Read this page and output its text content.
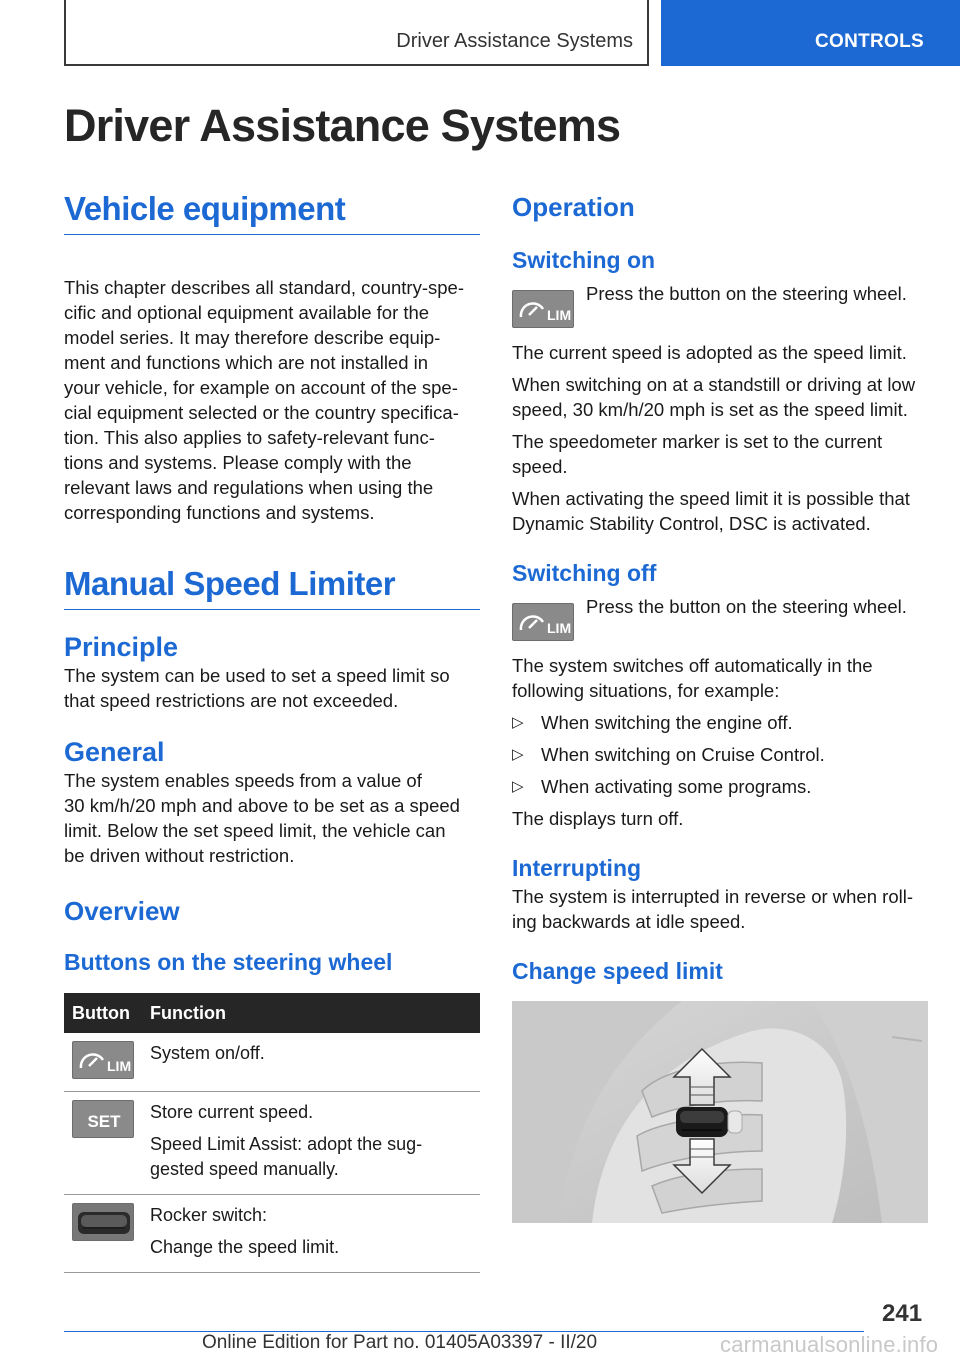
Driver Assistance Systems	CONTROLS
Driver Assistance Systems
Vehicle equipment

This chapter describes all standard, country-spe‐
cific and optional equipment available for the
model series. It may therefore describe equip‐
ment and functions which are not installed in
your vehicle, for example on account of the spe‐
cial equipment selected or the country specifica‐
tion. This also applies to safety-relevant func‐
tions and systems. Please comply with the
relevant laws and regulations when using the
corresponding functions and systems.

Manual Speed Limiter
Principle

The system can be used to set a speed limit so
that speed restrictions are not exceeded.

General

The system enables speeds from a value of
30 km/h/20 mph and above to be set as a speed
limit. Below the set speed limit, the vehicle can
be driven without restriction.

Overview
Buttons on the steering wheel
Button	Function

LIM	System on/off.

SET	Store current speed.
Speed Limit Assist: adopt the sug‐
gested speed manually.

	Rocker switch:
Change the speed limit.
Operation
Switching on
LIM
Press the button on the steering wheel.

The current speed is adopted as the speed limit.

When switching on at a standstill or driving at low
speed, 30 km/h/20 mph is set as the speed limit.

The speedometer marker is set to the current
speed.

When activating the speed limit it is possible that
Dynamic Stability Control, DSC is activated.

Switching off
LIM
Press the button on the steering wheel.

The system switches off automatically in the
following situations, for example:

▷ When switching the engine off.
▷ When switching on Cruise Control.
▷ When activating some programs.

The displays turn off.

Interrupting

The system is interrupted in reverse or when roll‐
ing backwards at idle speed.

Change speed limit
241
Online Edition for Part no. 01405A03397 - II/20	carmanualsonline.info
